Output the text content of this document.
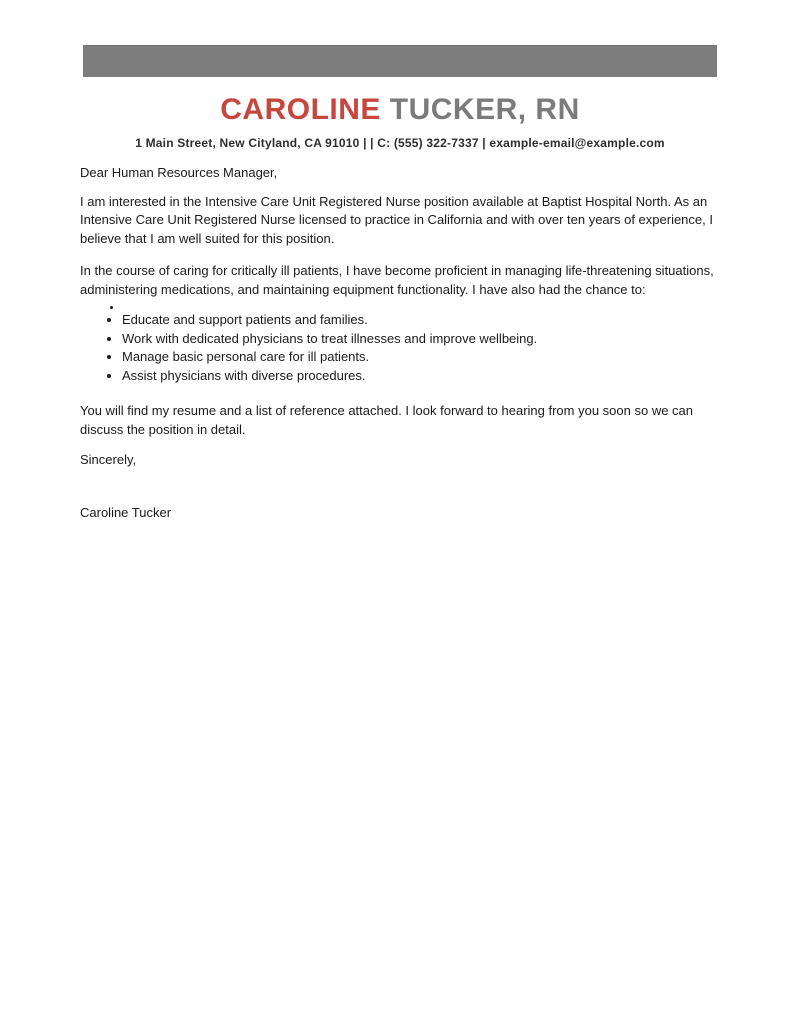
CAROLINE TUCKER, RN
1 Main Street, New Cityland, CA 91010 | | C: (555) 322-7337 | example-email@example.com

Dear Human Resources Manager,

I am interested in the Intensive Care Unit Registered Nurse position available at Baptist Hospital North. As an Intensive Care Unit Registered Nurse licensed to practice in California and with over ten years of experience, I believe that I am well suited for this position.

In the course of caring for critically ill patients, I have become proficient in managing life-threatening situations, administering medications, and maintaining equipment functionality. I have also had the chance to:

• ​
• Educate and support patients and families.
• Work with dedicated physicians to treat illnesses and improve wellbeing.
• Manage basic personal care for ill patients.
• Assist physicians with diverse procedures.

You will find my resume and a list of reference attached. I look forward to hearing from you soon so we can discuss the position in detail.

Sincerely,

Caroline Tucker
